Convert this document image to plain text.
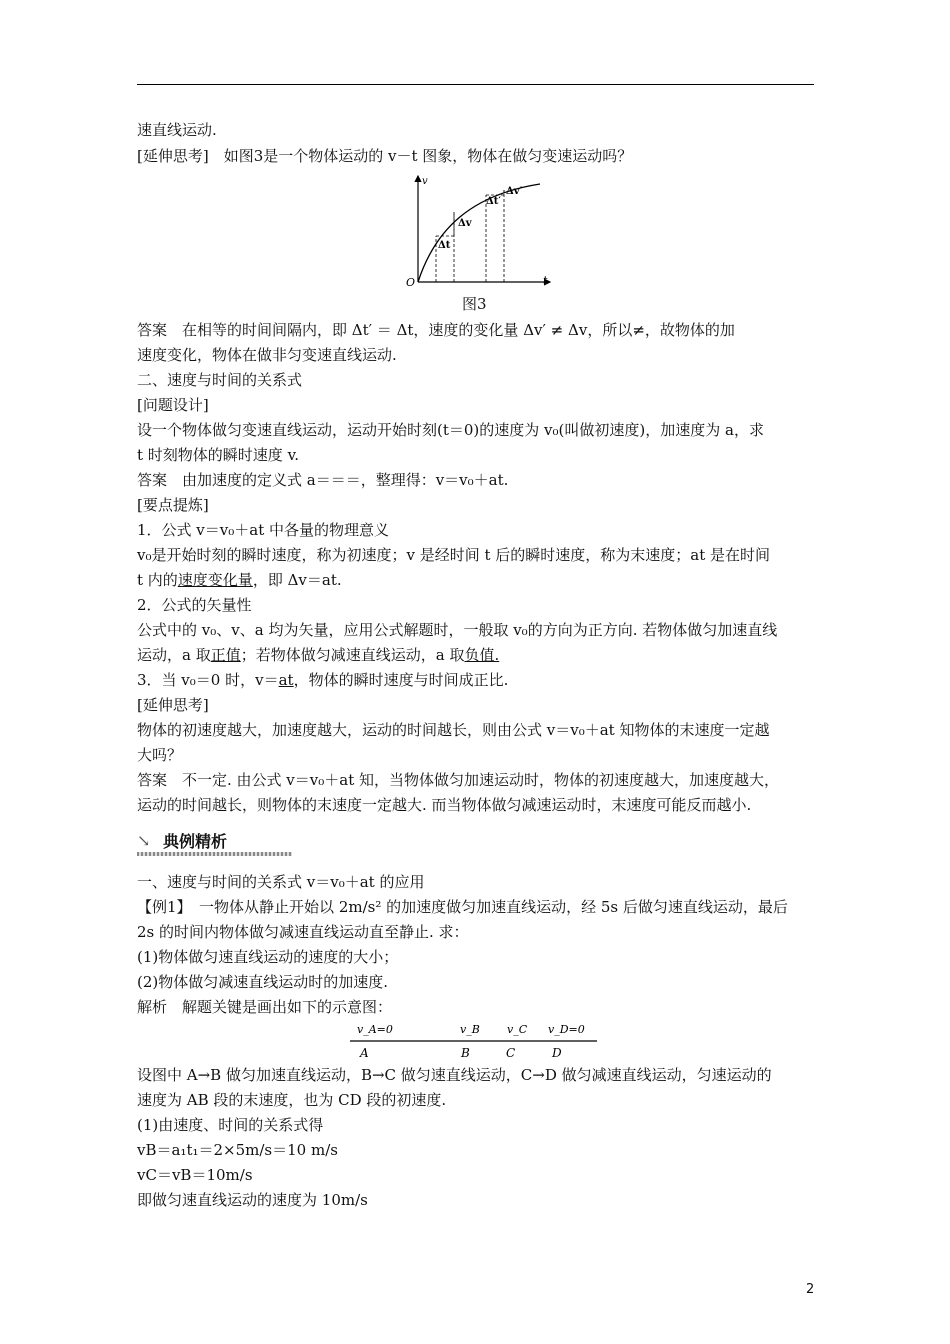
速直线运动.
[延伸思考]　如图3是一个物体运动的 v－t 图象，物体在做匀变速运动吗？
v
t
O
Δt
Δv
Δt′
Δv′
图3
答案　在相等的时间间隔内，即 Δt′ ＝ Δt，速度的变化量 Δv′ ≠ Δv，所以≠，故物体的加
速度变化，物体在做非匀变速直线运动.
二、速度与时间的关系式
[问题设计]
设一个物体做匀变速直线运动，运动开始时刻(t＝0)的速度为 v₀(叫做初速度)，加速度为 a，求
t 时刻物体的瞬时速度 v.
答案　由加速度的定义式 a＝＝＝，整理得：v＝v₀＋at.
[要点提炼]
1．公式 v＝v₀＋at 中各量的物理意义
v₀是开始时刻的瞬时速度，称为初速度；v 是经时间 t 后的瞬时速度，称为末速度；at 是在时间
t 内的速度变化量，即 Δv＝at.
2．公式的矢量性
公式中的 v₀、v、a 均为矢量，应用公式解题时，一般取 v₀的方向为正方向. 若物体做匀加速直线
运动，a 取正值；若物体做匀减速直线运动，a 取负值.
3．当 v₀＝0 时，v＝at，物体的瞬时速度与时间成正比.
[延伸思考]
物体的初速度越大，加速度越大，运动的时间越长，则由公式 v＝v₀＋at 知物体的末速度一定越
大吗？
答案　不一定. 由公式 v＝v₀＋at 知，当物体做匀加速运动时，物体的初速度越大，加速度越大，
运动的时间越长，则物体的末速度一定越大. 而当物体做匀减速运动时，末速度可能反而越小.
↘ 典例精析
一、速度与时间的关系式 v＝v₀＋at 的应用
【例1】　一物体从静止开始以 2m/s² 的加速度做匀加速直线运动，经 5s 后做匀速直线运动，最后
2s 的时间内物体做匀减速直线运动直至静止. 求：
(1)物体做匀速直线运动的速度的大小；
(2)物体做匀减速直线运动时的加速度.
解析　解题关键是画出如下的示意图：
v_A=0	v_B v_C v_D=0
A	B	C	D
设图中 A→B 做匀加速直线运动，B→C 做匀速直线运动，C→D 做匀减速直线运动，匀速运动的
速度为 AB 段的末速度，也为 CD 段的初速度.
(1)由速度、时间的关系式得
vB＝a₁t₁＝2×5m/s＝10 m/s
vC＝vB＝10m/s
即做匀速直线运动的速度为 10m/s
2
